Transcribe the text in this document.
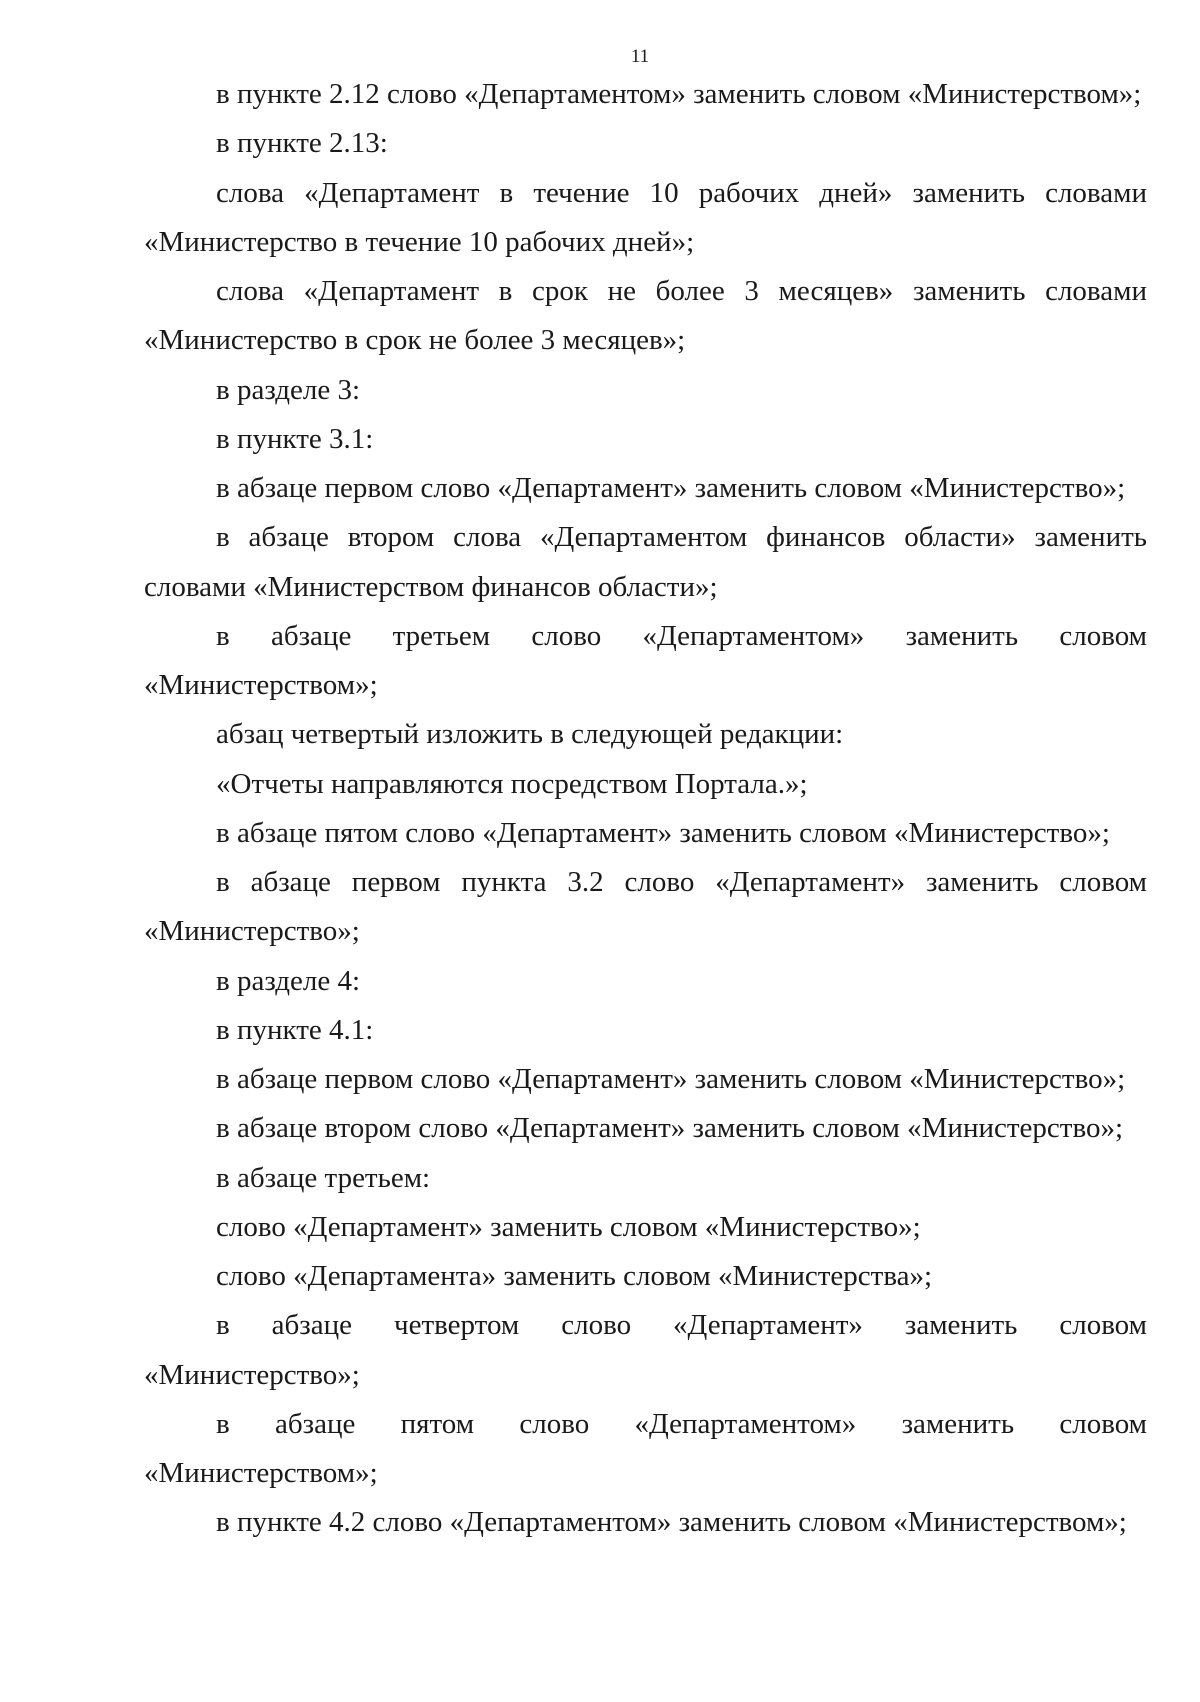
11

в пункте 2.12 слово «Департаментом» заменить словом «Министерством»;

в пункте 2.13:

слова «Департамент в течение 10 рабочих дней» заменить словами «Министерство в течение 10 рабочих дней»;

слова «Департамент в срок не более 3 месяцев» заменить словами «Министерство в срок не более 3 месяцев»;

в разделе 3:

в пункте 3.1:

в абзаце первом слово «Департамент» заменить словом «Министерство»;

в абзаце втором слова «Департаментом финансов области» заменить словами «Министерством финансов области»;

в абзаце третьем слово «Департаментом» заменить словом «Министерством»;

абзац четвертый изложить в следующей редакции:

«Отчеты направляются посредством Портала.»;

в абзаце пятом слово «Департамент» заменить словом «Министерство»;

в абзаце первом пункта 3.2 слово «Департамент» заменить словом «Министерство»;

в разделе 4:

в пункте 4.1:

в абзаце первом слово «Департамент» заменить словом «Министерство»;

в абзаце втором слово «Департамент» заменить словом «Министерство»;

в абзаце третьем:

слово «Департамент» заменить словом «Министерство»;

слово «Департамента» заменить словом «Министерства»;

в абзаце четвертом слово «Департамент» заменить словом «Министерство»;

в абзаце пятом слово «Департаментом» заменить словом «Министерством»;

в пункте 4.2 слово «Департаментом» заменить словом «Министерством»;
